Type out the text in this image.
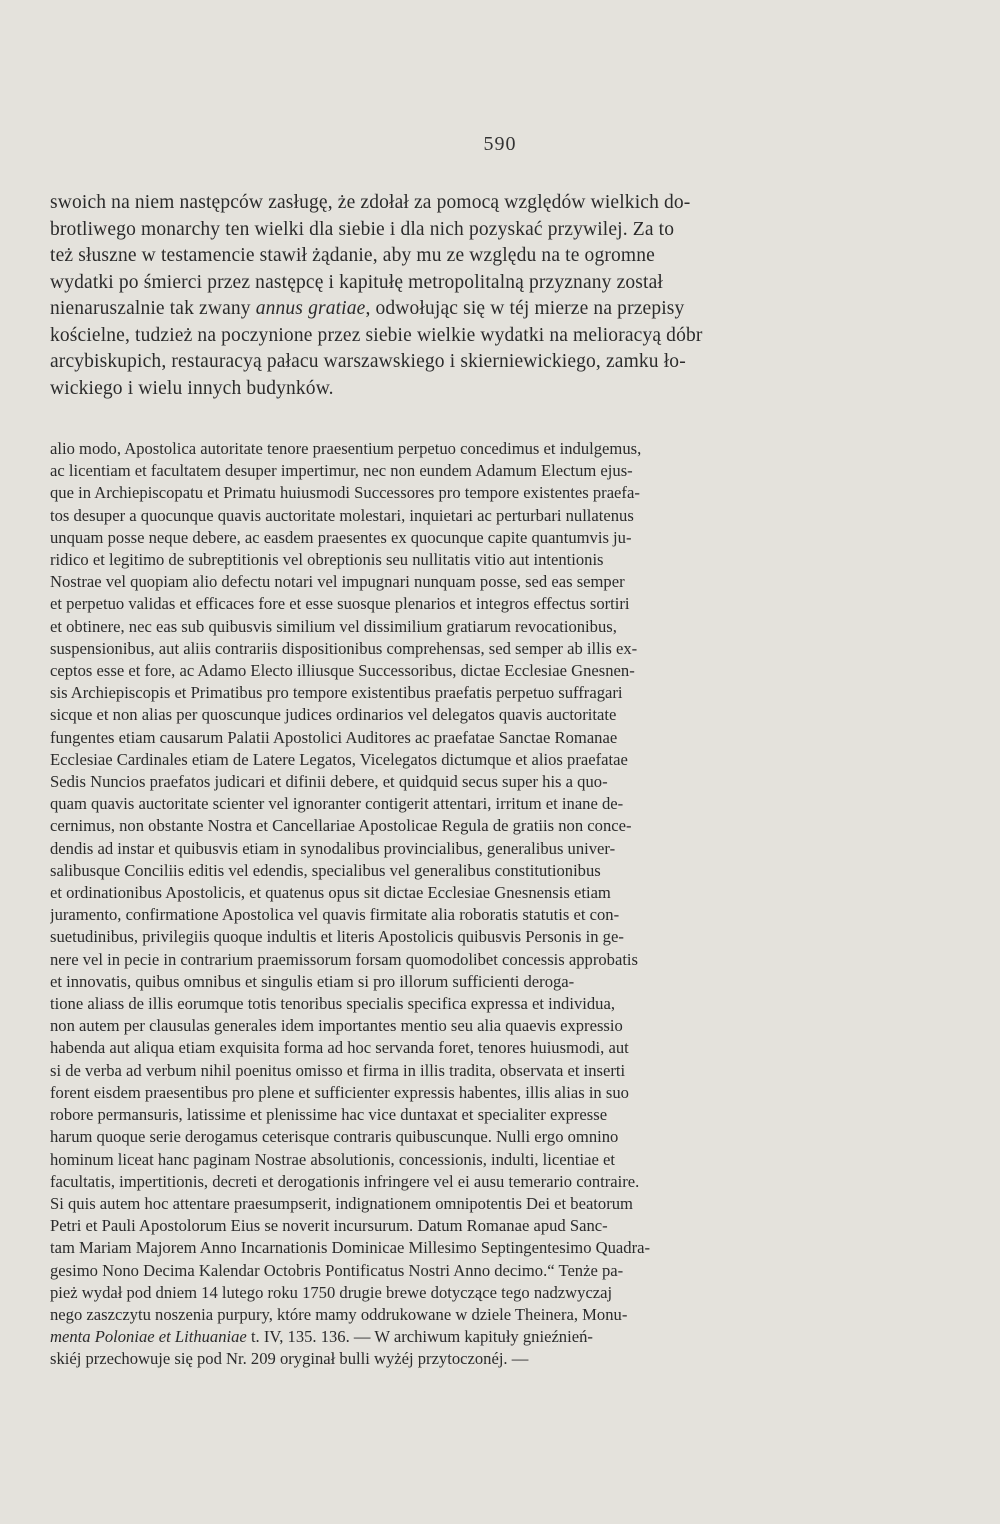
590
swoich na niem następców zasługę, że zdołał za pomocą względów wielkich do-
brotliwego monarchy ten wielki dla siebie i dla nich pozyskać przywilej. Za to
też słuszne w testamencie stawił żądanie, aby mu ze względu na te ogromne
wydatki po śmierci przez następcę i kapitułę metropolitalną przyznany został
nienaruszalnie tak zwany annus gratiae, odwołując się w téj mierze na przepisy
kościelne, tudzież na poczynione przez siebie wielkie wydatki na melioracyą dóbr
arcybiskupich, restauracyą pałacu warszawskiego i skierniewickiego, zamku ło-
wickiego i wielu innych budynków.
alio modo, Apostolica autoritate tenore praesentium perpetuo concedimus et indulgemus,
ac licentiam et facultatem desuper impertimur, nec non eundem Adamum Electum ejus-
que in Archiepiscopatu et Primatu huiusmodi Successores pro tempore existentes praefa-
tos desuper a quocunque quavis auctoritate molestari, inquietari ac perturbari nullatenus
unquam posse neque debere, ac easdem praesentes ex quocunque capite quantumvis ju-
ridico et legitimo de subreptitionis vel obreptionis seu nullitatis vitio aut intentionis
Nostrae vel quopiam alio defectu notari vel impugnari nunquam posse, sed eas semper
et perpetuo validas et efficaces fore et esse suosque plenarios et integros effectus sortiri
et obtinere, nec eas sub quibusvis similium vel dissimilium gratiarum revocationibus,
suspensionibus, aut aliis contrariis dispositionibus comprehensas, sed semper ab illis ex-
ceptos esse et fore, ac Adamo Electo illiusque Successoribus, dictae Ecclesiae Gnesnen-
sis Archiepiscopis et Primatibus pro tempore existentibus praefatis perpetuo suffragari
sicque et non alias per quoscunque judices ordinarios vel delegatos quavis auctoritate
fungentes etiam causarum Palatii Apostolici Auditores ac praefatae Sanctae Romanae
Ecclesiae Cardinales etiam de Latere Legatos, Vicelegatos dictumque et alios praefatae
Sedis Nuncios praefatos judicari et difinii debere, et quidquid secus super his a quo-
quam quavis auctoritate scienter vel ignoranter contigerit attentari, irritum et inane de-
cernimus, non obstante Nostra et Cancellariae Apostolicae Regula de gratiis non conce-
dendis ad instar et quibusvis etiam in synodalibus provincialibus, generalibus univer-
salibusque Conciliis editis vel edendis, specialibus vel generalibus constitutionibus
et ordinationibus Apostolicis, et quatenus opus sit dictae Ecclesiae Gnesnensis etiam
juramento, confirmatione Apostolica vel quavis firmitate alia roboratis statutis et con-
suetudinibus, privilegiis quoque indultis et literis Apostolicis quibusvis Personis in ge-
nere vel in pecie in contrarium praemissorum forsam quomodolibet concessis approbatis
et innovatis, quibus omnibus et singulis etiam si pro illorum sufficienti deroga-
tione aliass de illis eorumque totis tenoribus specialis specifica expressa et individua,
non autem per clausulas generales idem importantes mentio seu alia quaevis expressio
habenda aut aliqua etiam exquisita forma ad hoc servanda foret, tenores huiusmodi, aut
si de verba ad verbum nihil poenitus omisso et firma in illis tradita, observata et inserti
forent eisdem praesentibus pro plene et sufficienter expressis habentes, illis alias in suo
robore permansuris, latissime et plenissime hac vice duntaxat et specialiter expresse
harum quoque serie derogamus ceterisque contraris quibuscunque. Nulli ergo omnino
hominum liceat hanc paginam Nostrae absolutionis, concessionis, indulti, licentiae et
facultatis, impertitionis, decreti et derogationis infringere vel ei ausu temerario contraire.
Si quis autem hoc attentare praesumpserit, indignationem omnipotentis Dei et beatorum
Petri et Pauli Apostolorum Eius se noverit incursurum. Datum Romanae apud Sanc-
tam Mariam Majorem Anno Incarnationis Dominicae Millesimo Septingentesimo Quadra-
gesimo Nono Decima Kalendar Octobris Pontificatus Nostri Anno decimo.“ Tenże pa-
pież wydał pod dniem 14 lutego roku 1750 drugie brewe dotyczące tego nadzwyczaj
nego zaszczytu noszenia purpury, które mamy oddrukowane w dziele Theinera, Monu-
menta Poloniae et Lithuaniae t. IV, 135. 136. — W archiwum kapituły gnieźnień-
skiéj przechowuje się pod Nr. 209 oryginał bulli wyżéj przytoczonéj. —
